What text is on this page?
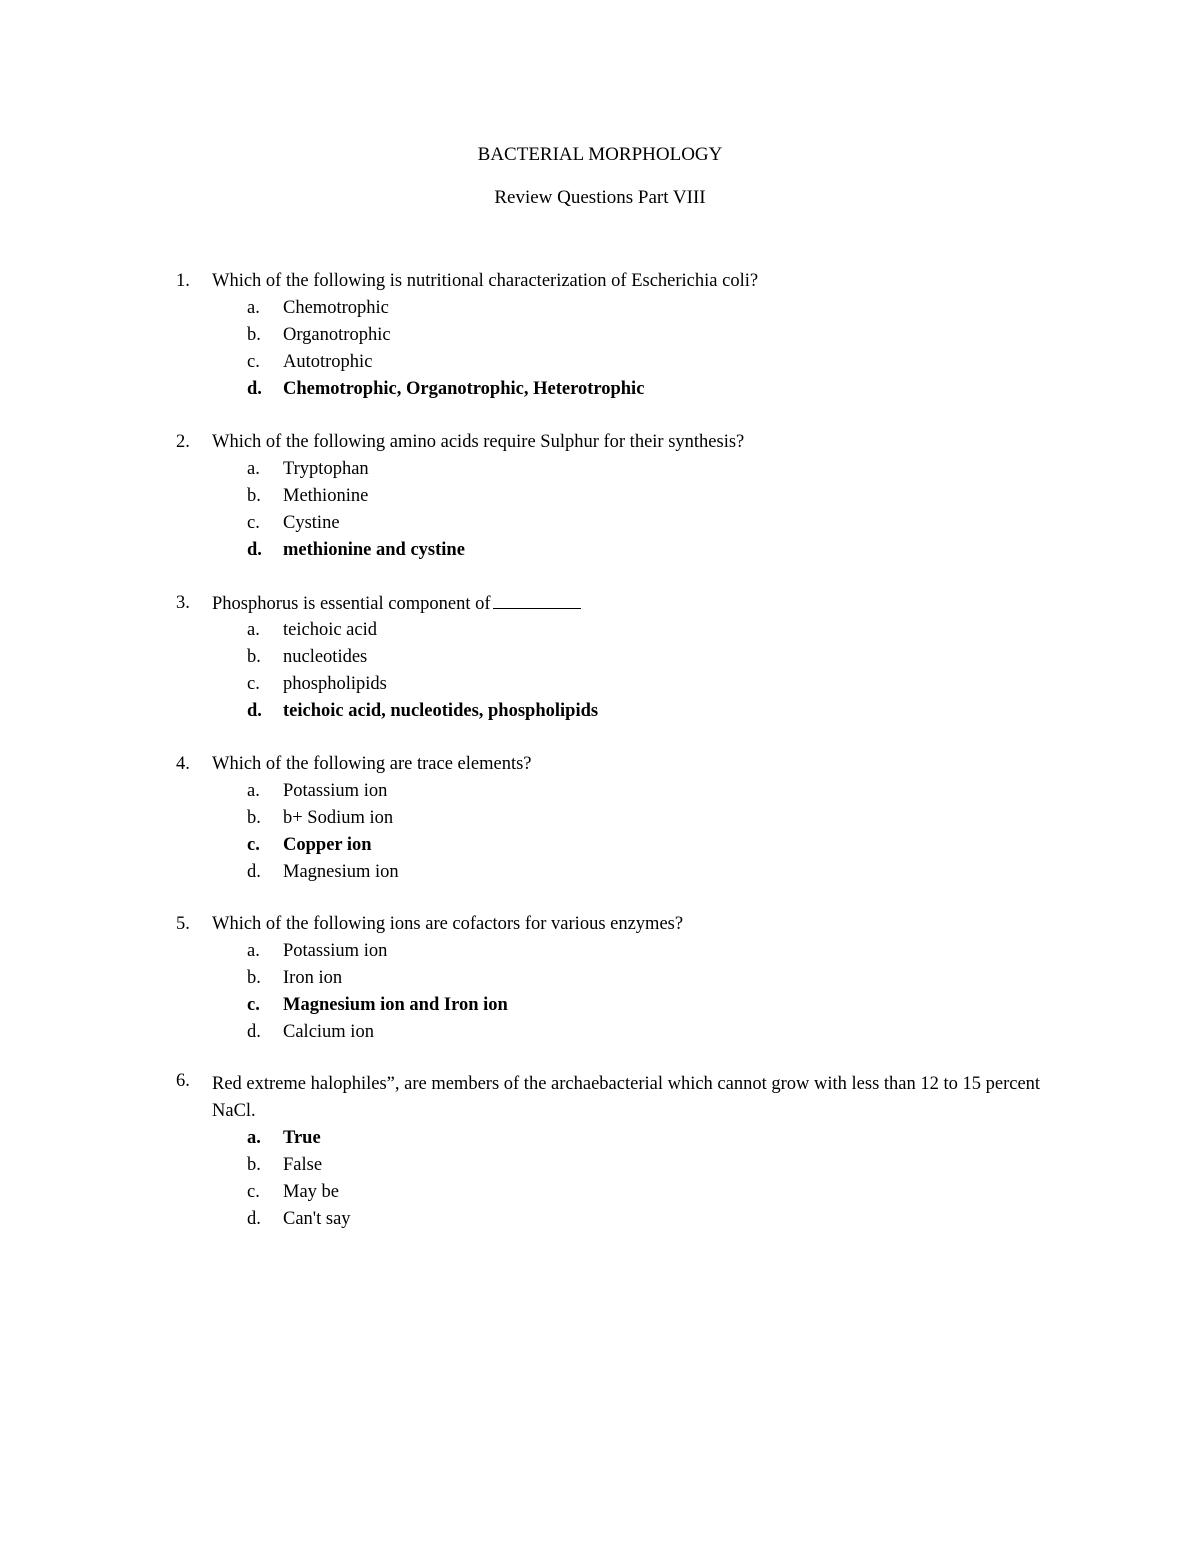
BACTERIAL MORPHOLOGY
Review Questions Part VIII
1. Which of the following is nutritional characterization of Escherichia coli?
a. Chemotrophic
b. Organotrophic
c. Autotrophic
d. Chemotrophic, Organotrophic, Heterotrophic
2. Which of the following amino acids require Sulphur for their synthesis?
a. Tryptophan
b. Methionine
c. Cystine
d. methionine and cystine
3. Phosphorus is essential component of
a. teichoic acid
b. nucleotides
c. phospholipids
d. teichoic acid, nucleotides, phospholipids
4. Which of the following are trace elements?
a. Potassium ion
b. b+ Sodium ion
c. Copper ion
d. Magnesium ion
5. Which of the following ions are cofactors for various enzymes?
a. Potassium ion
b. Iron ion
c. Magnesium ion and Iron ion
d. Calcium ion
6. Red extreme halophiles”, are members of the archaebacterial which cannot grow with less than 12 to 15 percent NaCl.
a. True
b. False
c. May be
d. Can't say
